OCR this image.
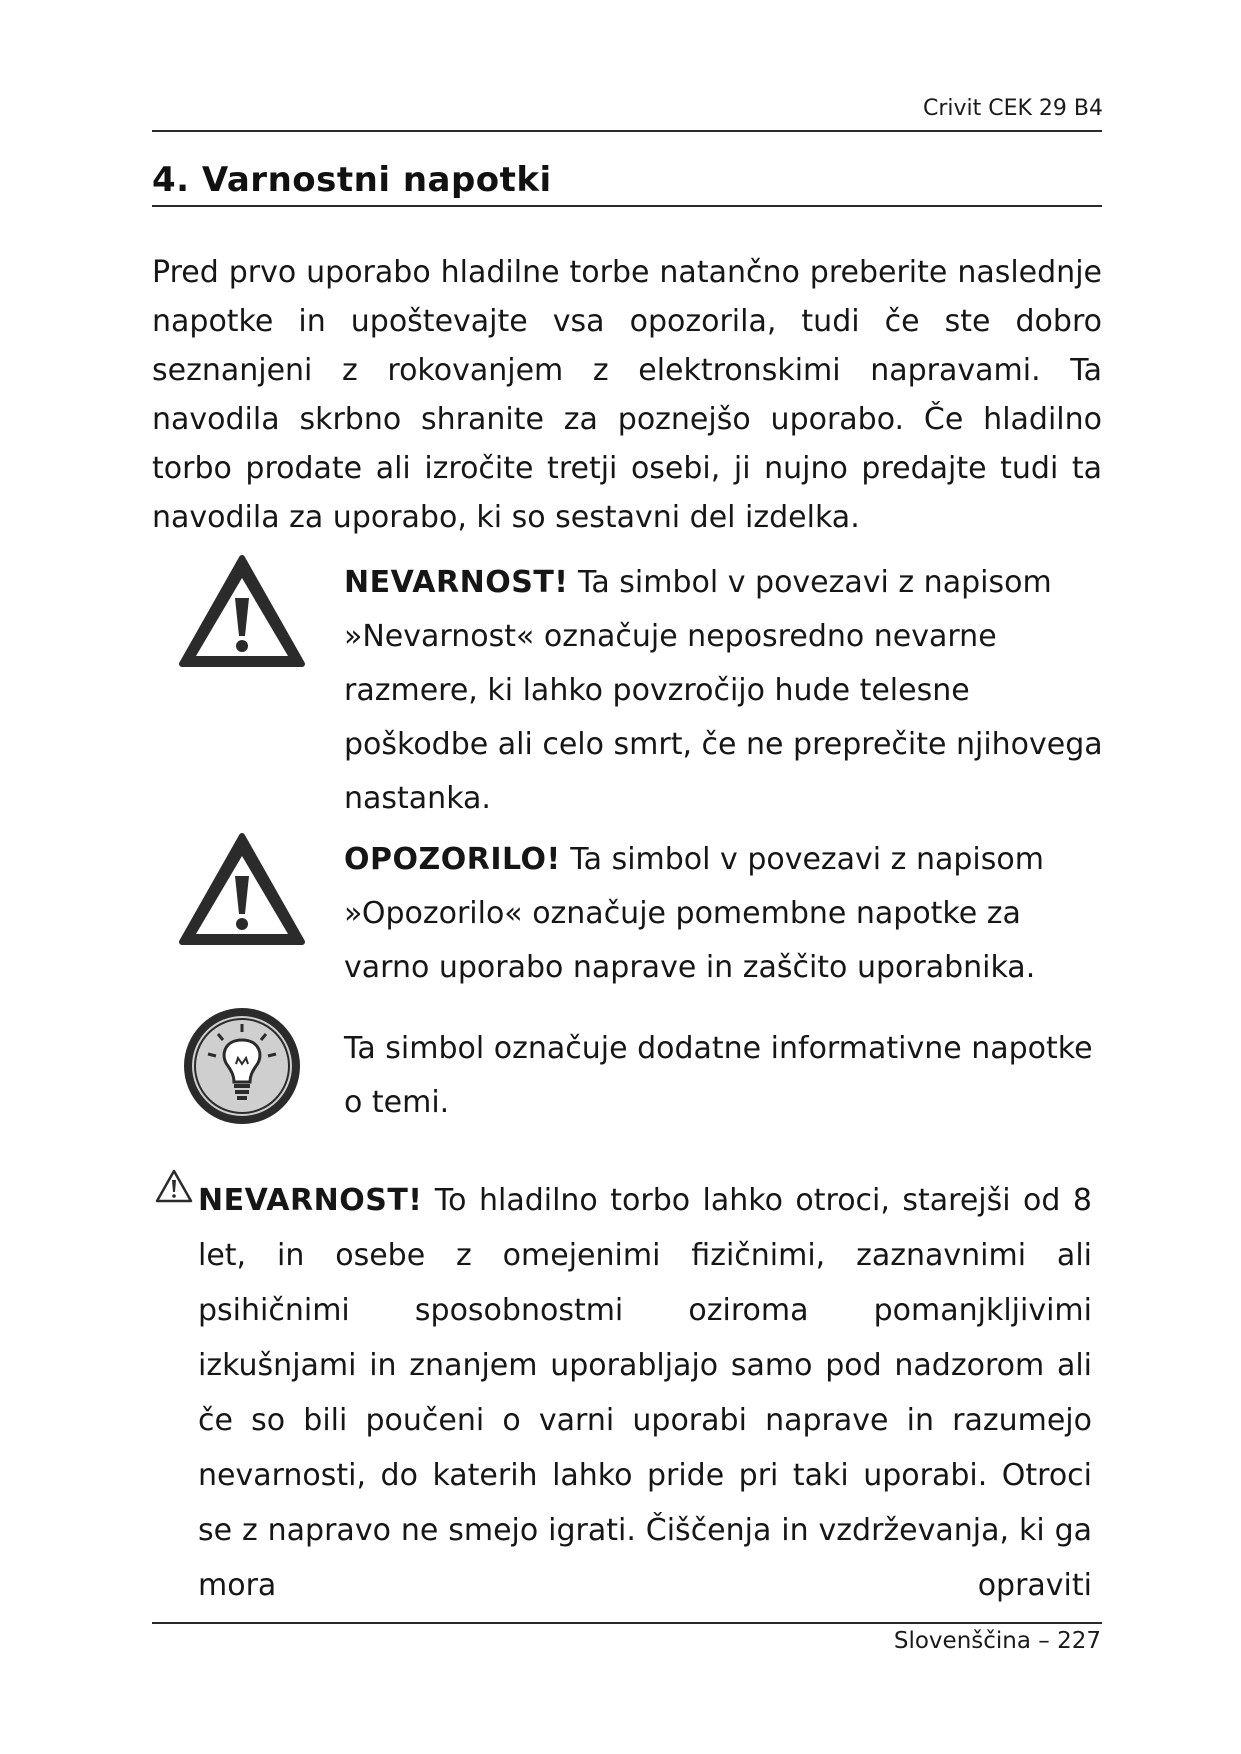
Crivit CEK 29 B4
4. Varnostni napotki

Pred prvo uporabo hladilne torbe natančno preberite naslednje napotke in upoštevajte vsa opozorila, tudi če ste dobro seznanjeni z rokovanjem z elektronskimi napravami. Ta navodila skrbno shranite za poznejšo uporabo. Če hladilno torbo prodate ali izročite tretji osebi, ji nujno predajte tudi ta navodila za uporabo, ki so sestavni del izdelka.

NEVARNOST! Ta simbol v povezavi z napisom »Nevarnost« označuje neposredno nevarne razmere, ki lahko povzročijo hude telesne poškodbe ali celo smrt, če ne preprečite njihovega nastanka.

OPOZORILO! Ta simbol v povezavi z napisom »Opozorilo« označuje pomembne napotke za varno uporabo naprave in zaščito uporabnika.

Ta simbol označuje dodatne informativne napotke o temi.

NEVARNOST! To hladilno torbo lahko otroci, starejši od 8 let, in osebe z omejenimi fizičnimi, zaznavnimi ali psihičnimi sposobnostmi oziroma pomanjkljivimi izkušnjami in znanjem uporabljajo samo pod nadzorom ali če so bili poučeni o varni uporabi naprave in razumejo nevarnosti, do katerih lahko pride pri taki uporabi. Otroci se z napravo ne smejo igrati. Čiščenja in vzdrževanja, ki ga mora opraviti

Slovenščina – 227
